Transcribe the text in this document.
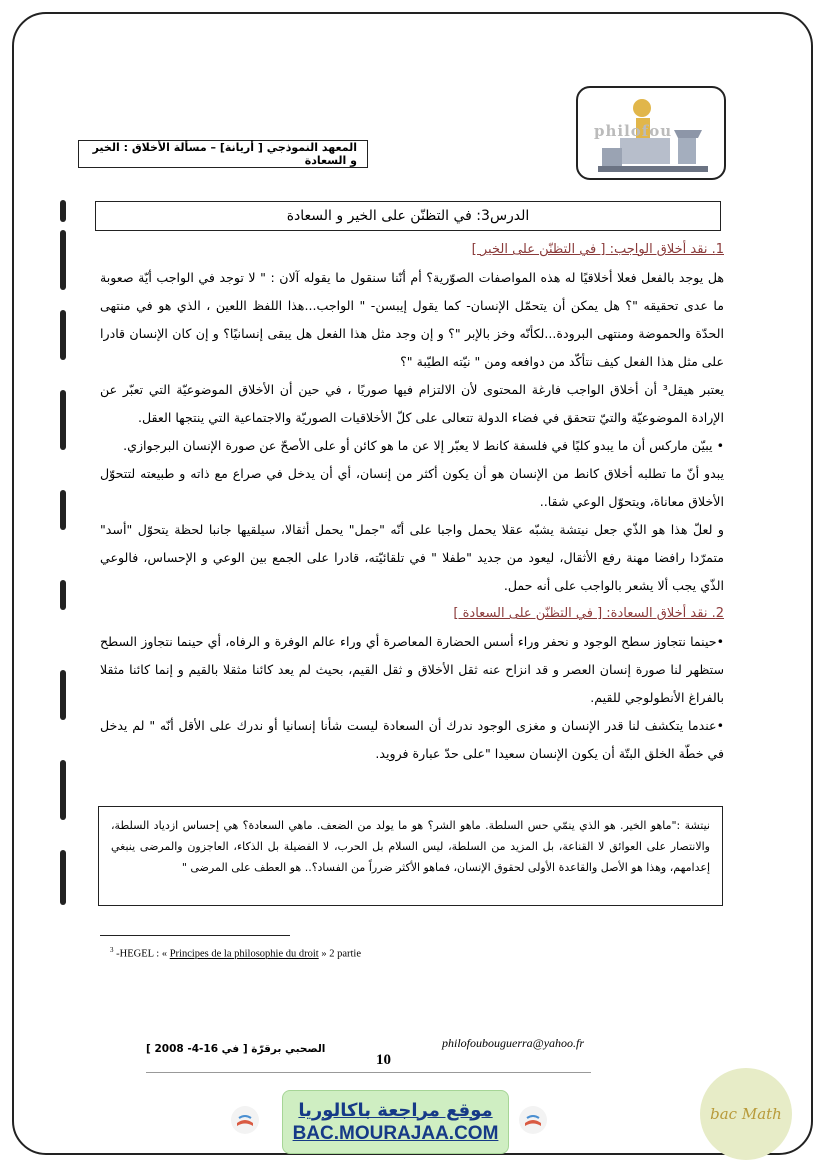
philofou
المعهد النموذجي [ أريانة] – مسألة الأخلاق : الخير و السعادة
الدرس3: في التظنّن على الخير و السعادة

1. نقد أخلاق الواجب: [ في التظنّن على الخير ]

هل يوجد بالفعل فعلا أخلاقيًا له هذه المواصفات الصوّرية؟ أم أنّنا سنقول ما يقوله آلان : " لا توجد في الواجب أيّة صعوبة ما عدى تحقيقه "؟ هل يمكن أن يتحمّل الإنسان- كما يقول إيبسن- " الواجب...هذا اللفظ اللعين ، الذي هو في منتهى الحدّة والحموضة ومنتهى البرودة...لكأنّه وخز بالإبر "؟ و إن وجد مثل هذا الفعل هل يبقى إنسانيًا؟ و إن كان الإنسان قادرا على مثل هذا الفعل كيف نتأكّد من دوافعه ومن " نيّته الطيّبة "؟

يعتبر هيقل³ أن أخلاق الواجب فارغة المحتوى لأن الالتزام فيها صوريًا ، في حين أن الأخلاق الموضوعيّة التي تعبّر عن الإرادة الموضوعيّة والتيّ تتحقق في فضاء الدولة تتعالى على كلّ الأخلاقيات الصوريّة والاجتماعية التي ينتجها العقل.

• يبيّن ماركس أن ما يبدو كليًا في فلسفة كانط لا يعبّر إلا عن ما هو كائن أو على الأصحّ عن صورة الإنسان البرجوازي.

يبدو أنّ ما تطلبه أخلاق كانط من الإنسان هو أن يكون أكثر من إنسان، أي أن يدخل في صراع مع ذاته و طبيعته لتتحوّل الأخلاق معاناة، ويتحوّل الوعي شقا..

و لعلّ هذا هو الذّي جعل نيتشة يشبّه عقلا يحمل واجبا على أنّه "جمل" يحمل أثقالا، سيلقيها جانبا لحظة يتحوّل "أسد" متمرّدا رافضا مهنة رفع الأثقال، ليعود من جديد "طفلا " في تلقائيّته، قادرا على الجمع بين الوعي و الإحساس، فالوعي الذّي يجب ألا يشعر بالواجب على أنه حمل.

2. نقد أخلاق السعادة: [ في التظنّن على السعادة ]

•حينما نتجاوز سطح الوجود و نحفر وراء أسس الحضارة المعاصرة أي وراء عالم الوفرة و الرفاه، أي حينما نتجاوز السطح ستظهر لنا صورة إنسان العصر و قد انزاح عنه ثقل الأخلاق و ثقل القيم، بحيث لم يعد كائنا مثقلا بالقيم و إنما كائنا مثقلا بالفراغ الأنطولوجي للقيم.

•عندما يتكشف لنا قدر الإنسان و مغزى الوجود ندرك أن السعادة ليست شأنا إنسانيا أو ندرك على الأقل أنّه " لم يدخل في خطّة الخلق البتّة أن يكون الإنسان سعيدا "على حدّ عبارة فرويد.

نيتشة :"ماهو الخير. هو الذي ينمّي حس السلطة. ماهو الشر؟ هو ما يولد من الضعف. ماهي السعادة؟ هي إحساس ازدياد السلطة، والانتصار على العوائق لا القناعة، بل المزيد من السلطة، ليس السلام بل الحرب، لا الفضيلة بل الذكاء، العاجزون والمرضى ينبغي إعدامهم، وهذا هو الأصل والقاعدة الأولى لحقوق الإنسان، فماهو الأكثر ضرراً من الفساد؟.. هو العطف على المرضى "
$^3$ -HEGEL : « Principes de la philosophie du droit » 2 partie
الصحبي برقرّة [ في 16-4- 2008 ]	philofoubouguerra@yahoo.fr
10
موقع مراجعة باكالوريا
BAC.MOURAJAA.COM
bac Math
